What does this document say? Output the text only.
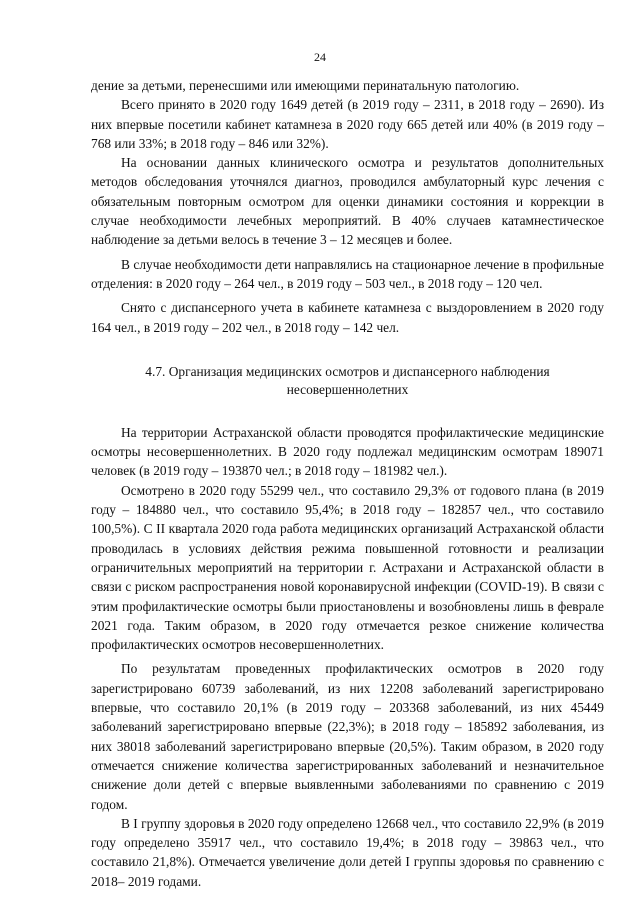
24

дение за детьми, перенесшими или имеющими перинатальную патологию.

Всего принято в 2020 году 1649 детей (в 2019 году – 2311, в 2018 году – 2690). Из них впервые посетили кабинет катамнеза в 2020 году 665 детей или 40% (в 2019 году – 768 или 33%; в 2018 году – 846 или 32%).

На основании данных клинического осмотра и результатов дополнительных методов обследования уточнялся диагноз, проводился амбулаторный курс лечения с обязательным повторным осмотром для оценки динамики состояния и коррекции в случае необходимости лечебных мероприятий. В 40% случаев катамнестическое наблюдение за детьми велось в течение 3 – 12 месяцев и более.

В случае необходимости дети направлялись на стационарное лечение в профильные отделения: в 2020 году – 264 чел., в 2019 году – 503 чел., в 2018 году – 120 чел.

Снято с диспансерного учета в кабинете катамнеза с выздоровлением в 2020 году 164 чел., в 2019 году – 202 чел., в 2018 году – 142 чел.

4.7. Организация медицинских осмотров и диспансерного наблюдения несовершеннолетних

На территории Астраханской области проводятся профилактические медицинские осмотры несовершеннолетних. В 2020 году подлежал медицинским осмотрам 189071 человек (в 2019 году – 193870 чел.; в 2018 году – 181982 чел.).

Осмотрено в 2020 году 55299 чел., что составило 29,3% от годового плана (в 2019 году – 184880 чел., что составило 95,4%; в 2018 году – 182857 чел., что составило 100,5%). С II квартала 2020 года работа медицинских организаций Астраханской области проводилась в условиях действия режима повышенной готовности и реализации ограничительных мероприятий на территории г. Астрахани и Астраханской области в связи с риском распространения новой коронавирусной инфекции (COVID-19). В связи с этим профилактические осмотры были приостановлены и возобновлены лишь в феврале 2021 года. Таким образом, в 2020 году отмечается резкое снижение количества профилактических осмотров несовершеннолетних.

По результатам проведенных профилактических осмотров в 2020 году зарегистрировано 60739 заболеваний, из них 12208 заболеваний зарегистрировано впервые, что составило 20,1% (в 2019 году – 203368 заболеваний, из них 45449 заболеваний зарегистрировано впервые (22,3%); в 2018 году – 185892 заболевания, из них 38018 заболеваний зарегистрировано впервые (20,5%). Таким образом, в 2020 году отмечается снижение количества зарегистрированных заболеваний и незначительное снижение доли детей с впервые выявленными заболеваниями по сравнению с 2019 годом.

В I группу здоровья в 2020 году определено 12668 чел., что составило 22,9% (в 2019 году определено 35917 чел., что составило 19,4%; в 2018 году – 39863 чел., что составило 21,8%). Отмечается увеличение доли детей I группы здоровья по сравнению с 2018– 2019 годами.
